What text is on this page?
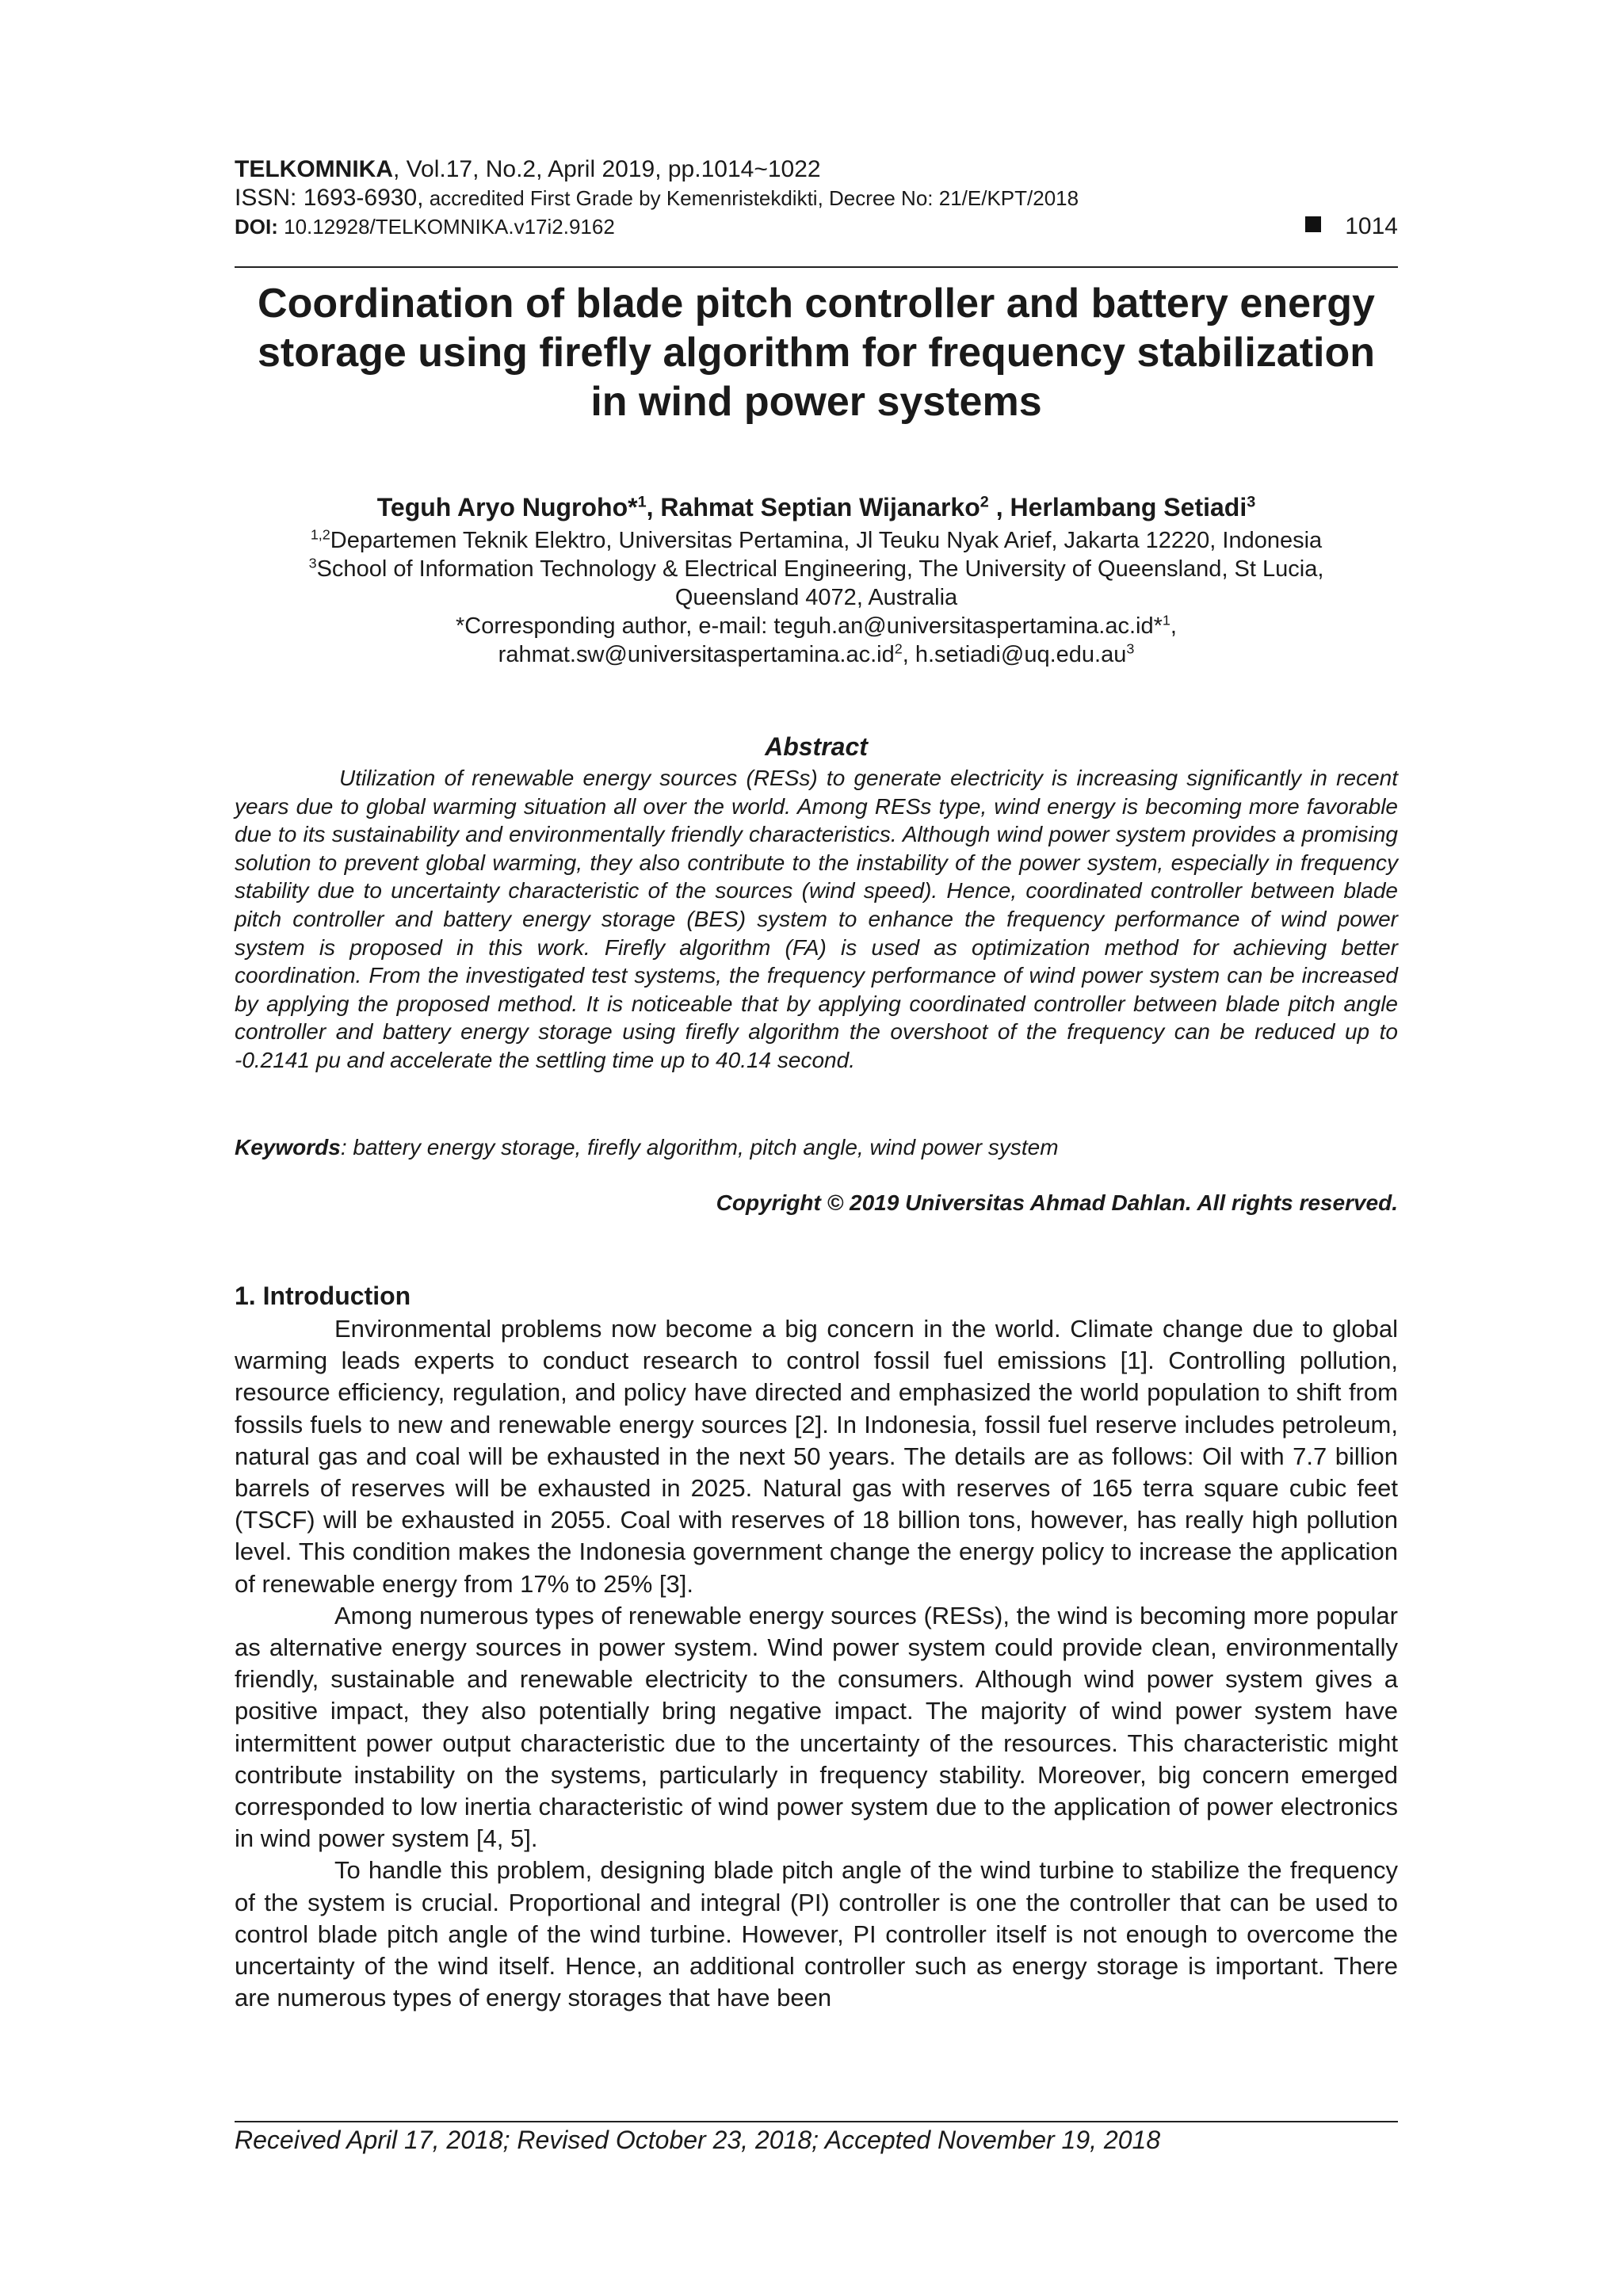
TELKOMNIKA, Vol.17, No.2, April 2019, pp.1014~1022
ISSN: 1693-6930, accredited First Grade by Kemenristekdikti, Decree No: 21/E/KPT/2018
DOI: 10.12928/TELKOMNIKA.v17i2.9162	1014
Coordination of blade pitch controller and battery energy storage using firefly algorithm for frequency stabilization in wind power systems
Teguh Aryo Nugroho*$^1$, Rahmat Septian Wijanarko$^2$ , Herlambang Setiadi$^3$
$^{1,2}$Departemen Teknik Elektro, Universitas Pertamina, Jl Teuku Nyak Arief, Jakarta 12220, Indonesia
$^3$School of Information Technology & Electrical Engineering, The University of Queensland, St Lucia,
Queensland 4072, Australia
*Corresponding author, e-mail: teguh.an@universitaspertamina.ac.id*$^1$,
$rahmat.sw@universitaspertamina.ac.id^2$, $h.setiadi@uq.edu.au^3$
Abstract
Utilization of renewable energy sources (RESs) to generate electricity is increasing significantly in recent years due to global warming situation all over the world. Among RESs type, wind energy is becoming more favorable due to its sustainability and environmentally friendly characteristics. Although wind power system provides a promising solution to prevent global warming, they also contribute to the instability of the power system, especially in frequency stability due to uncertainty characteristic of the sources (wind speed). Hence, coordinated controller between blade pitch controller and battery energy storage (BES) system to enhance the frequency performance of wind power system is proposed in this work. Firefly algorithm (FA) is used as optimization method for achieving better coordination. From the investigated test systems, the frequency performance of wind power system can be increased by applying the proposed method. It is noticeable that by applying coordinated controller between blade pitch angle controller and battery energy storage using firefly algorithm the overshoot of the frequency can be reduced up to -0.2141 pu and accelerate the settling time up to 40.14 second.
Keywords: battery energy storage, firefly algorithm, pitch angle, wind power system
Copyright © 2019 Universitas Ahmad Dahlan. All rights reserved.
1. Introduction

Environmental problems now become a big concern in the world. Climate change due to global warming leads experts to conduct research to control fossil fuel emissions [1]. Controlling pollution, resource efficiency, regulation, and policy have directed and emphasized the world population to shift from fossils fuels to new and renewable energy sources [2]. In Indonesia, fossil fuel reserve includes petroleum, natural gas and coal will be exhausted in the next 50 years. The details are as follows: Oil with 7.7 billion barrels of reserves will be exhausted in 2025. Natural gas with reserves of 165 terra square cubic feet (TSCF) will be exhausted in 2055. Coal with reserves of 18 billion tons, however, has really high pollution level. This condition makes the Indonesia government change the energy policy to increase the application of renewable energy from 17% to 25% [3].

Among numerous types of renewable energy sources (RESs), the wind is becoming more popular as alternative energy sources in power system. Wind power system could provide clean, environmentally friendly, sustainable and renewable electricity to the consumers. Although wind power system gives a positive impact, they also potentially bring negative impact. The majority of wind power system have intermittent power output characteristic due to the uncertainty of the resources. This characteristic might contribute instability on the systems, particularly in frequency stability. Moreover, big concern emerged corresponded to low inertia characteristic of wind power system due to the application of power electronics in wind power system [4, 5].

To handle this problem, designing blade pitch angle of the wind turbine to stabilize the frequency of the system is crucial. Proportional and integral (PI) controller is one the controller that can be used to control blade pitch angle of the wind turbine. However, PI controller itself is not enough to overcome the uncertainty of the wind itself. Hence, an additional controller such as energy storage is important. There are numerous types of energy storages that have been

Received April 17, 2018; Revised October 23, 2018; Accepted November 19, 2018
